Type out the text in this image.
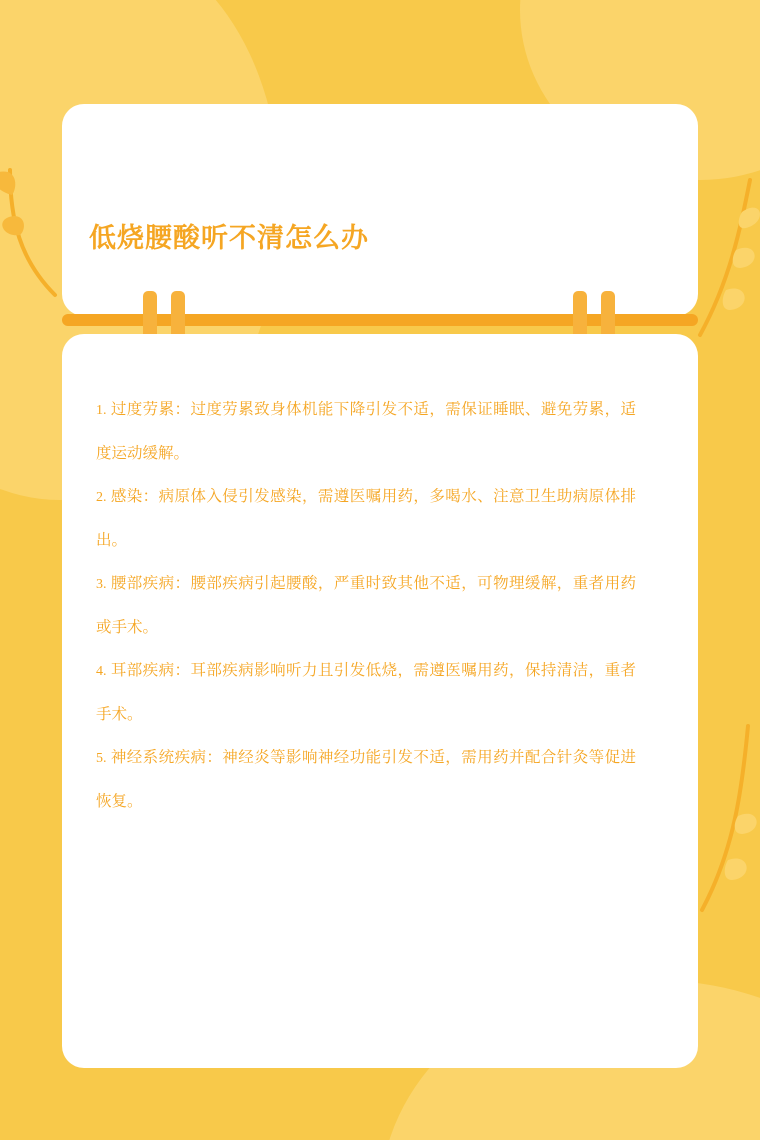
低烧腰酸听不清怎么办

1. 过度劳累：过度劳累致身体机能下降引发不适，需保证睡眠、避免劳累，适度运动缓解。

2. 感染：病原体入侵引发感染，需遵医嘱用药，多喝水、注意卫生助病原体排出。

3. 腰部疾病：腰部疾病引起腰酸，严重时致其他不适，可物理缓解，重者用药或手术。

4. 耳部疾病：耳部疾病影响听力且引发低烧，需遵医嘱用药，保持清洁，重者手术。

5. 神经系统疾病：神经炎等影响神经功能引发不适，需用药并配合针灸等促进恢复。
